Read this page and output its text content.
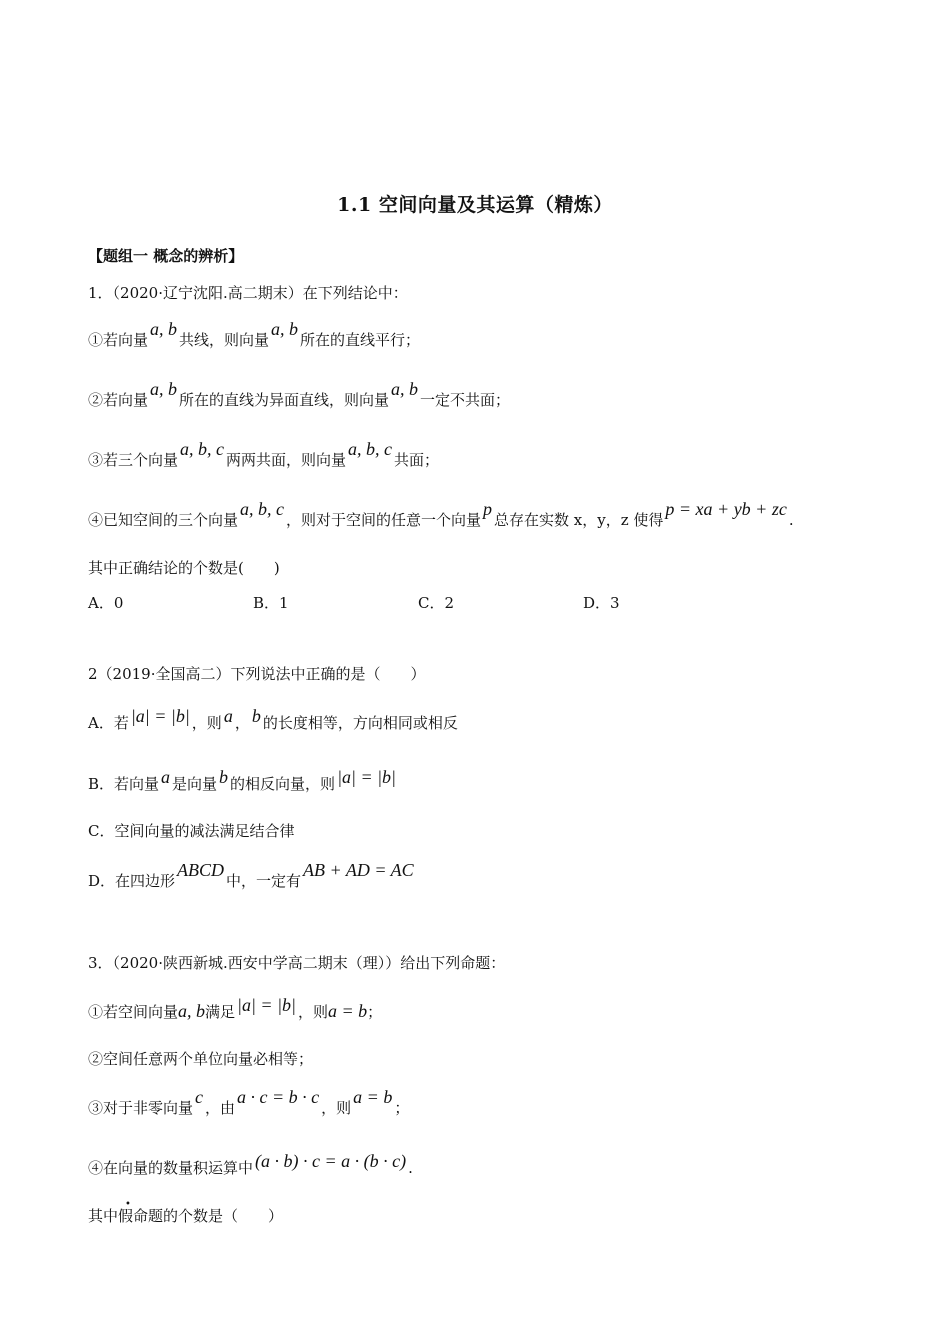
1.1 空间向量及其运算（精炼）
【题组一 概念的辨析】
1．（2020·辽宁沈阳.高二期末）在下列结论中：
①若向量a, b共线，则向量a, b所在的直线平行；
②若向量a, b所在的直线为异面直线，则向量a, b一定不共面；
③若三个向量a, b, c两两共面，则向量a, b, c共面；
④已知空间的三个向量a, b, c，则对于空间的任意一个向量p总存在实数 x，y，z 使得p = xa + yb + zc.
其中正确结论的个数是(　　)
A．0	B．1	C．2	D．3
2（2019·全国高二）下列说法中正确的是（　　）
A．若 |a| = |b| ，则 a ， b 的长度相等，方向相同或相反
B．若向量 a 是向量 b 的相反向量，则 |a| = |b|
C．空间向量的减法满足结合律
D．在四边形ABCD中，一定有AB + AD = AC
3．（2020·陕西新城.西安中学高二期末（理））给出下列命题：
①若空间向量a, b满足 |a| = |b| ，则a = b；
②空间任意两个单位向量必相等；
③对于非零向量c，由a · c = b · c，则a = b；
④在向量的数量积运算中 (a · b) · c = a · (b · c) .
•
其中假命题的个数是（　　）
